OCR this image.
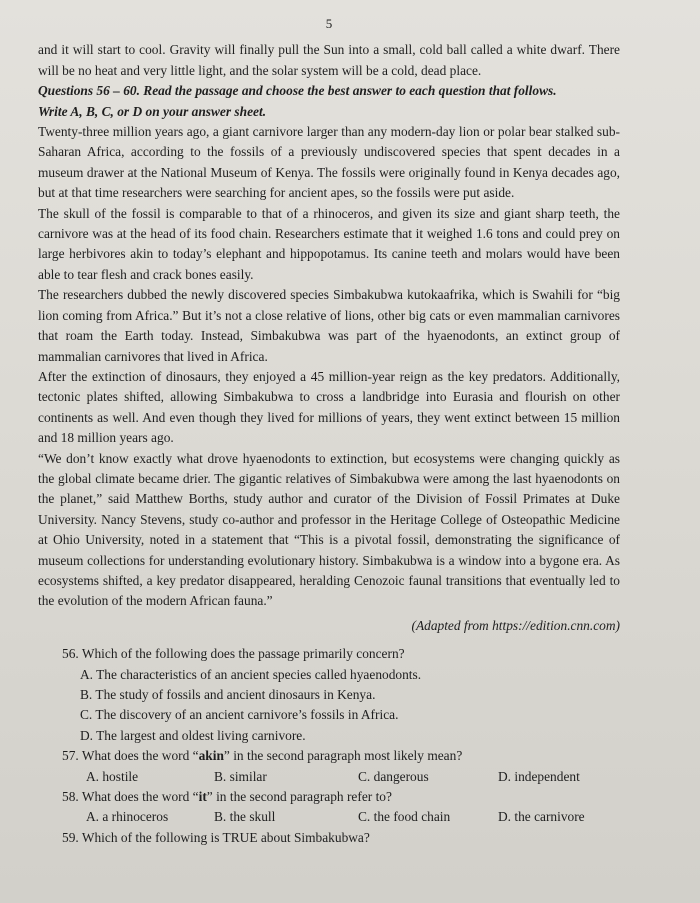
5

and it will start to cool. Gravity will finally pull the Sun into a small, cold ball called a white dwarf. There will be no heat and very little light, and the solar system will be a cold, dead place.

Questions 56 – 60. Read the passage and choose the best answer to each question that follows.

Write A, B, C, or D on your answer sheet.

Twenty-three million years ago, a giant carnivore larger than any modern-day lion or polar bear stalked sub-Saharan Africa, according to the fossils of a previously undiscovered species that spent decades in a museum drawer at the National Museum of Kenya. The fossils were originally found in Kenya decades ago, but at that time researchers were searching for ancient apes, so the fossils were put aside.

The skull of the fossil is comparable to that of a rhinoceros, and given its size and giant sharp teeth, the carnivore was at the head of its food chain. Researchers estimate that it weighed 1.6 tons and could prey on large herbivores akin to today’s elephant and hippopotamus. Its canine teeth and molars would have been able to tear flesh and crack bones easily.

The researchers dubbed the newly discovered species Simbakubwa kutokaafrika, which is Swahili for “big lion coming from Africa.” But it’s not a close relative of lions, other big cats or even mammalian carnivores that roam the Earth today. Instead, Simbakubwa was part of the hyaenodonts, an extinct group of mammalian carnivores that lived in Africa.

After the extinction of dinosaurs, they enjoyed a 45 million-year reign as the key predators. Additionally, tectonic plates shifted, allowing Simbakubwa to cross a landbridge into Eurasia and flourish on other continents as well. And even though they lived for millions of years, they went extinct between 15 million and 18 million years ago.

“We don’t know exactly what drove hyaenodonts to extinction, but ecosystems were changing quickly as the global climate became drier. The gigantic relatives of Simbakubwa were among the last hyaenodonts on the planet,” said Matthew Borths, study author and curator of the Division of Fossil Primates at Duke University. Nancy Stevens, study co-author and professor in the Heritage College of Osteopathic Medicine at Ohio University, noted in a statement that “This is a pivotal fossil, demonstrating the significance of museum collections for understanding evolutionary history. Simbakubwa is a window into a bygone era. As ecosystems shifted, a key predator disappeared, heralding Cenozoic faunal transitions that eventually led to the evolution of the modern African fauna.”

(Adapted from https://edition.cnn.com)

56. Which of the following does the passage primarily concern?

A. The characteristics of an ancient species called hyaenodonts.

B. The study of fossils and ancient dinosaurs in Kenya.

C. The discovery of an ancient carnivore’s fossils in Africa.

D. The largest and oldest living carnivore.

57. What does the word “akin” in the second paragraph most likely mean?

A. hostile	B. similar	C. dangerous	D. independent

58. What does the word “it” in the second paragraph refer to?

A. a rhinoceros	B. the skull	C. the food chain	D. the carnivore

59. Which of the following is TRUE about Simbakubwa?
